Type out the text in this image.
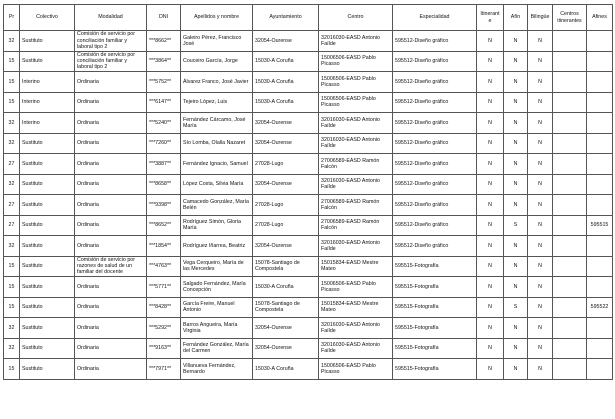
Pr	Colectivo	Modalidad	DNI	Apellidos y nombre	Ayuntamiento	Centro	Especialidad	Itinerante	Afín	Bilingüe	Centros itinerantes	Afines
32	Sustituto	Comisión de servicio por conciliación familiar y laboral tipo 2	***8662**	Galeiro Pérez, Francisco José	32054-Ourense	32016030-EASD Antonio Faílde	595512-Diseño gráfico	N	N	N		
15	Sustituto	Comisión de servicio por conciliación familiar y laboral tipo 2	***3864**	Couceiro García, Jorge	15030-A Coruña	15006506-EASD Pablo Picasso	595512-Diseño gráfico	N	N	N		
15	Interino	Ordinaria	***5752**	Álvarez Franco, José Javier	15030-A Coruña	15006506-EASD Pablo Picasso	595512-Diseño gráfico	N	N	N		
15	Interino	Ordinaria	***6147**	Tejeiro López, Luis	15030-A Coruña	15006506-EASD Pablo Picasso	595512-Diseño gráfico	N	N	N		
32	Interino	Ordinaria	***5240**	Fernández Cárcamo, José María	32054-Ourense	32016030-EASD Antonio Faílde	595512-Diseño gráfico	N	N	N		
32	Sustituto	Ordinaria	***7260**	Sío Lomba, Olalla Nazaret	32054-Ourense	32016030-EASD Antonio Faílde	595512-Diseño gráfico	N	N	N		
27	Sustituto	Ordinaria	***3887**	Fernández Ignacio, Samuel	27028-Lugo	27006589-EASD Ramón Falcón	595512-Diseño gráfico	N	N	N		
32	Sustituto	Ordinaria	***8658**	López Costa, Silvia María	32054-Ourense	32016030-EASD Antonio Faílde	595512-Diseño gráfico	N	N	N		
27	Sustituto	Ordinaria	***9398**	Camacedo González, María Belén	27028-Lugo	27006589-EASD Ramón Falcón	595512-Diseño gráfico	N	N	N		
27	Sustituto	Ordinaria	***8652**	Rodríguez Simón, Gloria María	27028-Lugo	27006589-EASD Ramón Falcón	595512-Diseño gráfico	N	S	N		595515
32	Sustituto	Ordinaria	***1854**	Rodríguez Iñarrea, Beatriz	32054-Ourense	32016030-EASD Antonio Faílde	595512-Diseño gráfico	N	N	N		
15	Sustituto	Comisión de servicio por razones de salud de un familiar del docente	***4763**	Vega Cerqueiro, María de las Mercedes	15078-Santiago de Compostela	15015834-EASD Mestre Mateo	595515-Fotografía	N	N	N		
15	Sustituto	Ordinaria	***5771**	Salgado Fernández, María Concepción	15030-A Coruña	15006506-EASD Pablo Picasso	595515-Fotografía	N	N	N		
15	Sustituto	Ordinaria	***8428**	García Freire, Manuel Antonio	15078-Santiago de Compostela	15015834-EASD Mestre Mateo	595515-Fotografía	N	S	N		595522
32	Sustituto	Ordinaria	***5292**	Barros Angueira, María Virginia	32054-Ourense	32016030-EASD Antonio Faílde	595515-Fotografía	N	N	N		
32	Sustituto	Ordinaria	***9163**	Fernández González, María del Carmen	32054-Ourense	32016030-EASD Antonio Faílde	595515-Fotografía	N	N	N		
15	Sustituto	Ordinaria	***7971**	Villanueva Fernández, Bernardo	15030-A Coruña	15006506-EASD Pablo Picasso	595515-Fotografía	N	N	N		
